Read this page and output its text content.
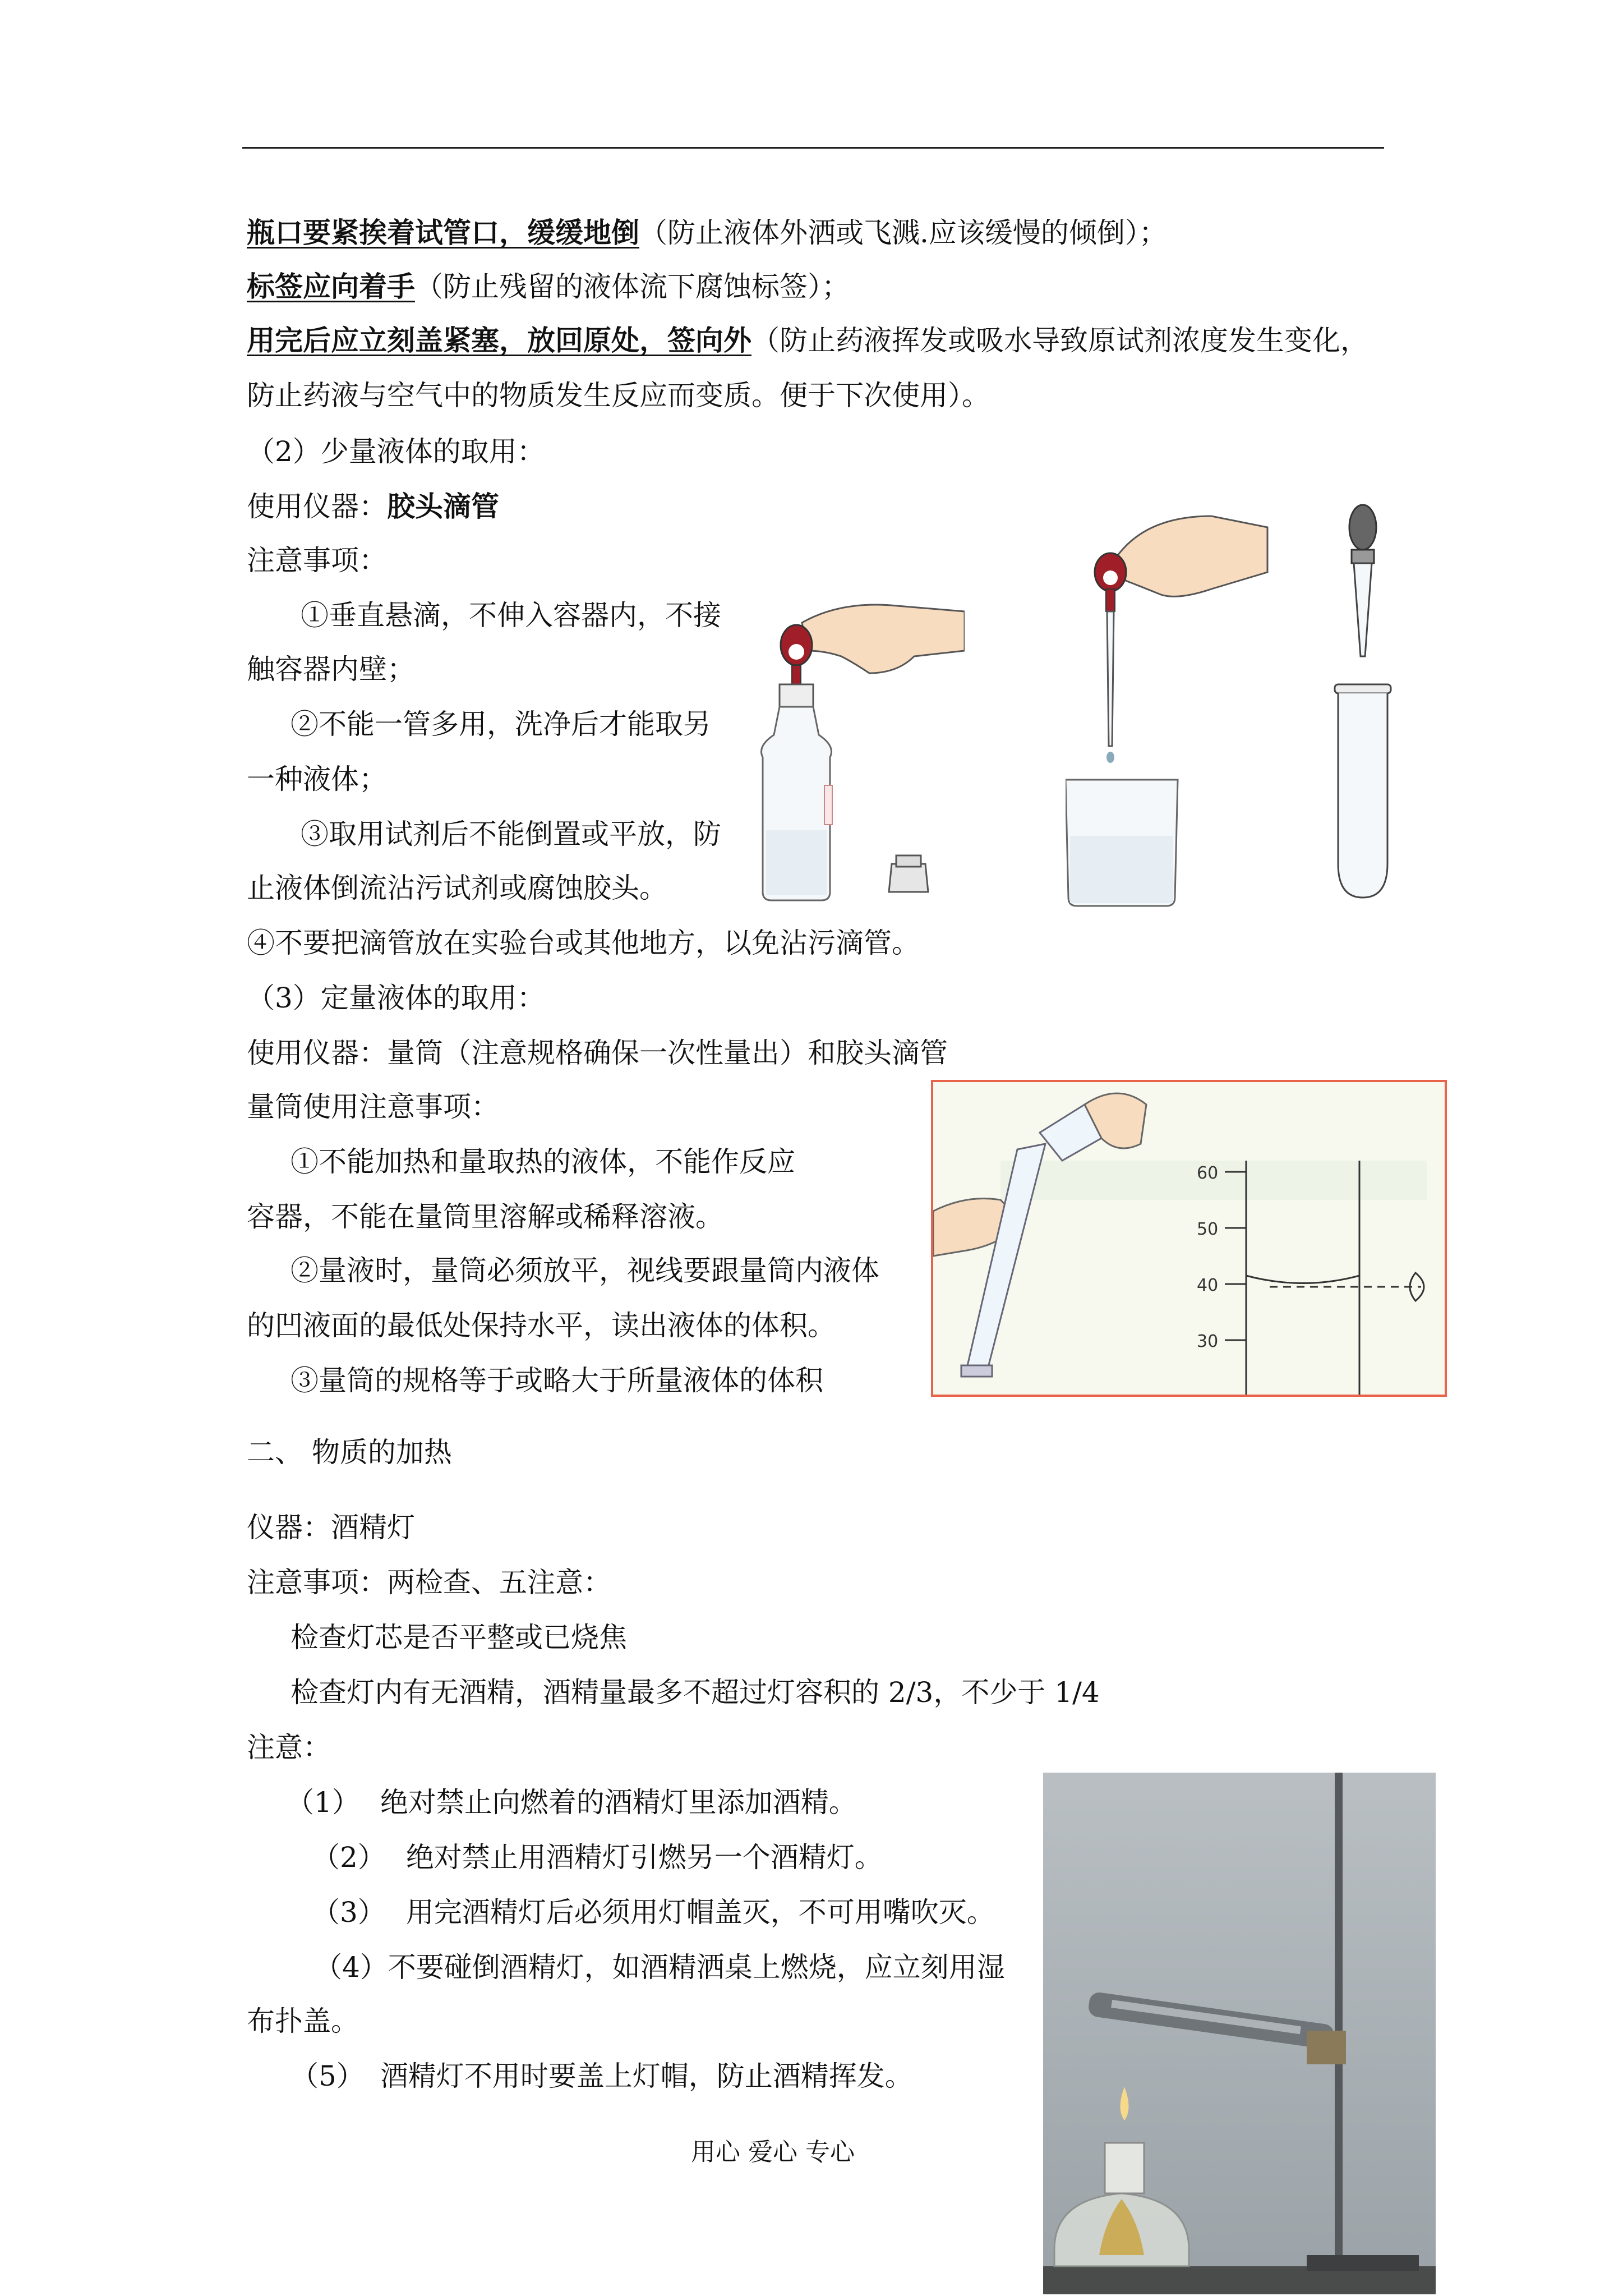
瓶口要紧挨着试管口，缓缓地倒（防止液体外洒或飞溅.应该缓慢的倾倒）；
标签应向着手（防止残留的液体流下腐蚀标签）；
用完后应立刻盖紧塞，放回原处，签向外（防止药液挥发或吸水导致原试剂浓度发生变化，
防止药液与空气中的物质发生反应而变质。便于下次使用）。
（2）少量液体的取用：
使用仪器：胶头滴管
注意事项：
①垂直悬滴，不伸入容器内，不接
触容器内壁；
②不能一管多用，洗净后才能取另
一种液体；
③取用试剂后不能倒置或平放，防
止液体倒流沾污试剂或腐蚀胶头。
④不要把滴管放在实验台或其他地方，以免沾污滴管。
（3）定量液体的取用：
使用仪器：量筒（注意规格确保一次性量出）和胶头滴管
量筒使用注意事项：
①不能加热和量取热的液体，不能作反应
容器，不能在量筒里溶解或稀释溶液。
②量液时，量筒必须放平，视线要跟量筒内液体
的凹液面的最低处保持水平，读出液体的体积。
③量筒的规格等于或略大于所量液体的体积
二、 物质的加热
仪器：酒精灯
注意事项：两检查、五注意：
检查灯芯是否平整或已烧焦
检查灯内有无酒精，酒精量最多不超过灯容积的 2/3，不少于 1/4
注意：
（1） 绝对禁止向燃着的酒精灯里添加酒精。
（2） 绝对禁止用酒精灯引燃另一个酒精灯。
（3） 用完酒精灯后必须用灯帽盖灭，不可用嘴吹灭。
（4）不要碰倒酒精灯，如酒精洒桌上燃烧，应立刻用湿
布扑盖。
（5） 酒精灯不用时要盖上灯帽，防止酒精挥发。
60
50
40
30
用心 爱心 专心
